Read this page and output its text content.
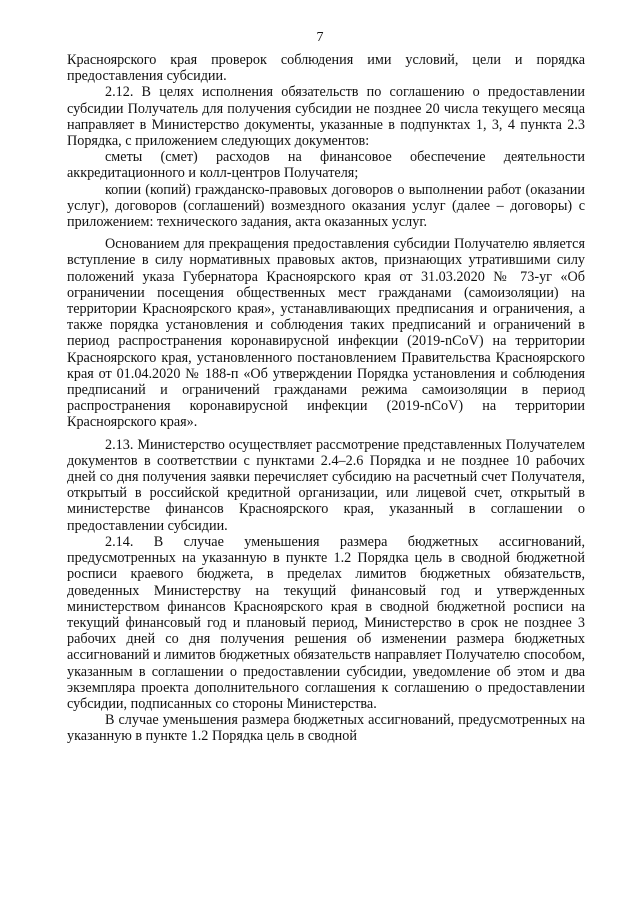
7

Красноярского края проверок соблюдения ими условий, цели и порядка предоставления субсидии.

2.12. В целях исполнения обязательств по соглашению о предоставлении субсидии Получатель для получения субсидии не позднее 20 числа текущего месяца направляет в Министерство документы, указанные в подпунктах 1, 3, 4 пункта 2.3 Порядка, с приложением следующих документов:

сметы (смет) расходов на финансовое обеспечение деятельности аккредитационного и колл-центров Получателя;

копии (копий) гражданско-правовых договоров о выполнении работ (оказании услуг), договоров (соглашений) возмездного оказания услуг (далее – договоры) с приложением: технического задания, акта оказанных услуг.

Основанием для прекращения предоставления субсидии Получателю является вступление в силу нормативных правовых актов, признающих утратившими силу положений указа Губернатора Красноярского края от 31.03.2020 № 73-уг «Об ограничении посещения общественных мест гражданами (самоизоляции) на территории Красноярского края», устанавливающих предписания и ограничения, а также порядка установления и соблюдения таких предписаний и ограничений в период распространения коронавирусной инфекции (2019-nCoV) на территории Красноярского края, установленного постановлением Правительства Красноярского края от 01.04.2020 № 188-п «Об утверждении Порядка установления и соблюдения предписаний и ограничений гражданами режима самоизоляции в период распространения коронавирусной инфекции (2019-nCoV) на территории Красноярского края».

2.13. Министерство осуществляет рассмотрение представленных Получателем документов в соответствии с пунктами 2.4–2.6 Порядка и не позднее 10 рабочих дней со дня получения заявки перечисляет субсидию на расчетный счет Получателя, открытый в российской кредитной организации, или лицевой счет, открытый в министерстве финансов Красноярского края, указанный в соглашении о предоставлении субсидии.

2.14. В случае уменьшения размера бюджетных ассигнований, предусмотренных на указанную в пункте 1.2 Порядка цель в сводной бюджетной росписи краевого бюджета, в пределах лимитов бюджетных обязательств, доведенных Министерству на текущий финансовый год и утвержденных министерством финансов Красноярского края в сводной бюджетной росписи на текущий финансовый год и плановый период, Министерство в срок не позднее 3 рабочих дней со дня получения решения об изменении размера бюджетных ассигнований и лимитов бюджетных обязательств направляет Получателю способом, указанным в соглашении о предоставлении субсидии, уведомление об этом и два экземпляра проекта дополнительного соглашения к соглашению о предоставлении субсидии, подписанных со стороны Министерства.

В случае уменьшения размера бюджетных ассигнований, предусмотренных на указанную в пункте 1.2 Порядка цель в сводной
